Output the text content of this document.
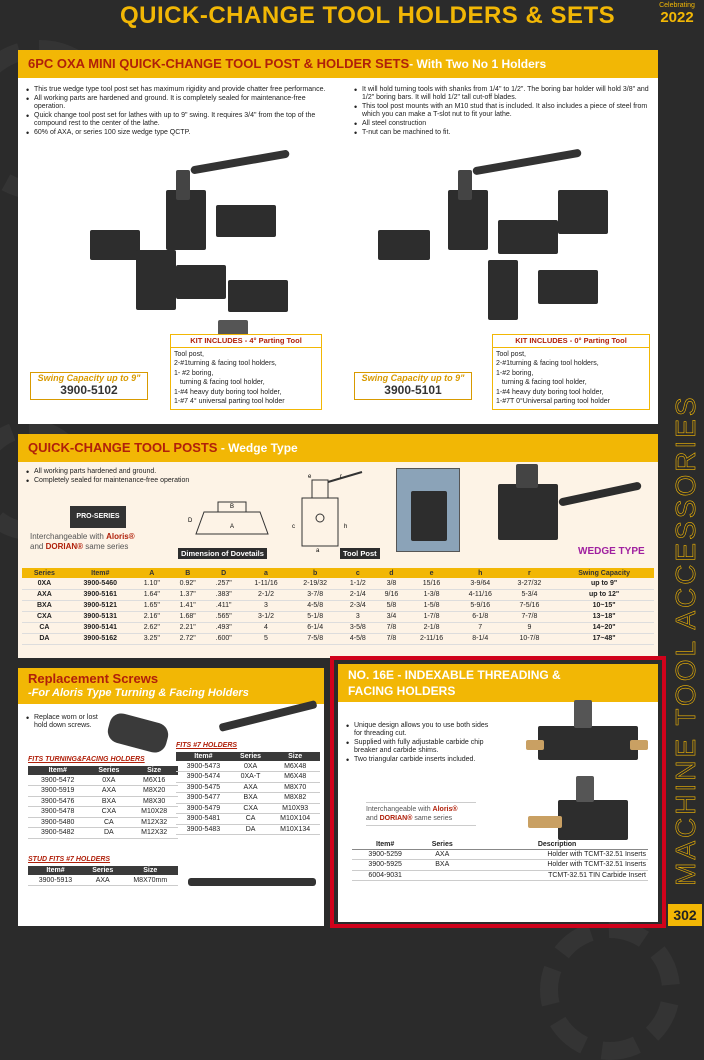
QUICK-CHANGE TOOL HOLDERS & SETS	Celebrating
2022
MACHINE TOOL ACCESSORIES
6PC OXA MINI QUICK-CHANGE TOOL POST & HOLDER SETS- With Two No 1 Holders
• This true wedge type tool post set has maximum rigidity and provide chatter free performance.
• All working parts are hardened and ground. It is completely sealed for maintenance-free operation.
• Quick change tool post set for lathes with up to 9" swing. It requires 3/4" from the top of the compound rest to the center of the lathe.
• 60% of AXA, or series 100 size wedge type QCTP.
• It will hold turning tools with shanks from 1/4" to 1/2". The boring bar holder will hold 3/8" and 1/2" boring bars. It will hold 1/2" tall cut-off blades.
• This tool post mounts with an M10 stud that is included. It also includes a piece of steel from which you can make a T-slot nut to fit your lathe.
• All steel construction
• T-nut can be machined to fit.
KIT INCLUDES - 4° Parting Tool
Tool post,
2-#1turning & facing tool holders,
1- #2 boring,
turning & facing tool holder,
1-#4 heavy duty boring tool holder,
1-#7 4° universal parting tool holder
KIT INCLUDES - 0° Parting Tool
Tool post,
2-#1turning & facing tool holders,
1-#2 boring,
turning & facing tool holder,
1-#4 heavy duty boring tool holder,
1-#7T 0°Universal parting tool holder
Swing Capacity up to 9"
3900-5102
Swing Capacity up to 9"
3900-5101
QUICK-CHANGE TOOL POSTS - Wedge Type
• All working parts hardened and ground.
• Completely sealed for maintenance-free operation
PRO-SERIES
Interchangeable with Aloris®
and DORIAN® same series
B
A
D
Dimension of Dovetails
e	r
c	h
a	Tool Post	WEDGE TYPE
Series	Item#	A	B	D	a	b	c	d	e	h	r	Swing Capacity
0XA	3900-5460	1.10"	0.92"	.257"	1-11/16	2-19/32	1-1/2	3/8	15/16	3-9/64	3-27/32	up to 9"
AXA	3900-5161	1.64"	1.37"	.383"	2-1/2	3-7/8	2-1/4	9/16	1-3/8	4-11/16	5-3/4	up to 12"
BXA	3900-5121	1.65"	1.41"	.411"	3	4-5/8	2-3/4	5/8	1-5/8	5-9/16	7-5/16	10~15"
CXA	3900-5131	2.16"	1.68"	.565"	3-1/2	5-1/8	3	3/4	1-7/8	6-1/8	7-7/8	13~18"
CA	3900-5141	2.62"	2.21"	.493"	4	6-1/4	3-5/8	7/8	2-1/8	7	9	14~20"
DA	3900-5162	3.25"	2.72"	.600"	5	7-5/8	4-5/8	7/8	2-11/16	8-1/4	10-7/8	17~48"
Replacement Screws
-For Aloris Type Turning & Facing Holders
• Replace worn or lost hold down screws.
FITS TURNING&FACING HOLDERS
Item#	Series	Size
3900-5472	0XA	M6X16
3900-5919	AXA	M8X20
3900-5476	BXA	M8X30
3900-5478	CXA	M10X28
3900-5480	CA	M12X32
3900-5482	DA	M12X32
FITS #7 HOLDERS
Item#	Series	Size
3900-5473	0XA	M6X48
3900-5474	0XA-T	M6X48
3900-5475	AXA	M8X70
3900-5477	BXA	M8X82
3900-5479	CXA	M10X93
3900-5481	CA	M10X104
3900-5483	DA	M10X134
STUD FITS #7 HOLDERS
Item#	Series	Size
3900-5913	AXA	M8X70mm
NO. 16E - INDEXABLE THREADING &
FACING HOLDERS
• Unique design allows you to use both sides for threading cut.
• Supplied with fully adjustable carbide chip breaker and carbide shims.
• Two triangular carbide inserts included.
Interchangeable with Aloris®
and DORIAN® same series
Item#	Series	Description
3900-5259	AXA	Holder with TCMT-32.51 Inserts
3900-5925	BXA	Holder with TCMT-32.51 Inserts
6004-9031		TCMT-32.51 TIN Carbide Insert
302
